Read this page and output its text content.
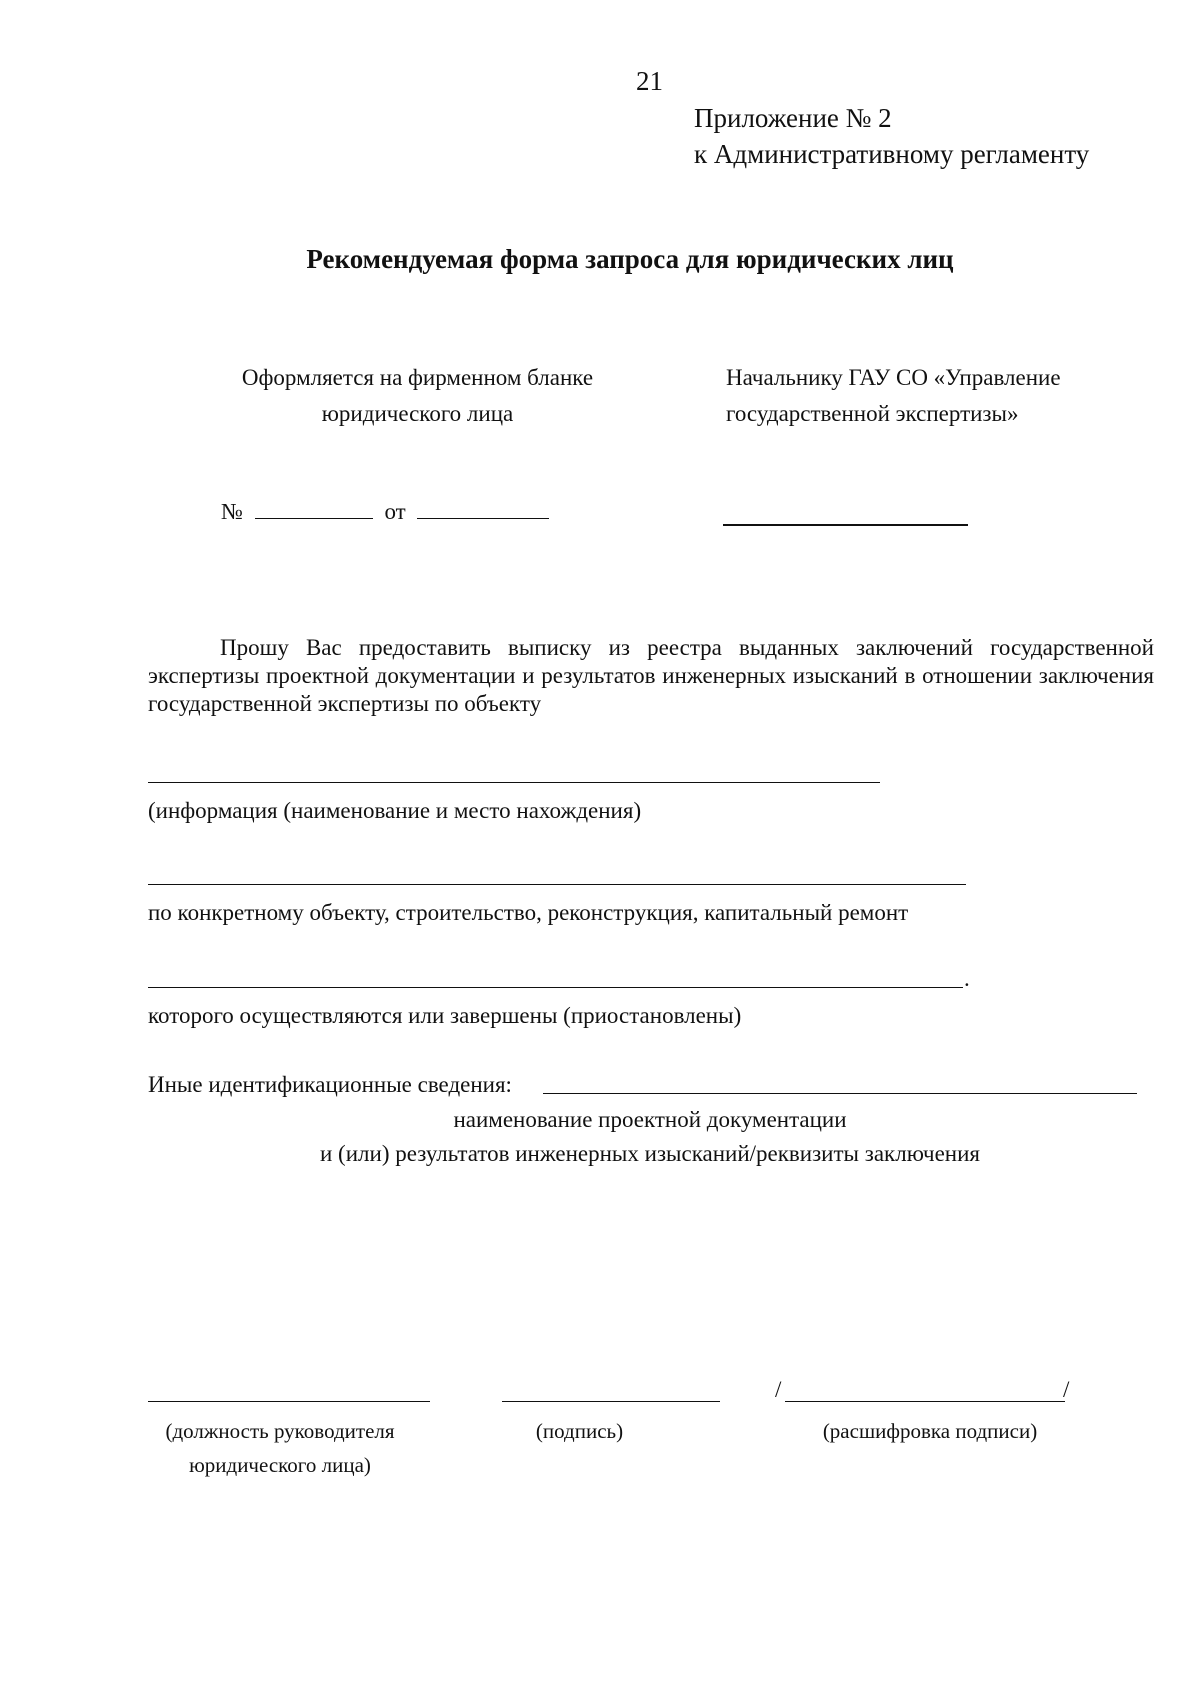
21
Приложение № 2
к Административному регламенту
Рекомендуемая форма запроса для юридических лиц
Оформляется на фирменном бланке
юридического лица
Начальнику ГАУ СО «Управление
государственной экспертизы»
№	от
Прошу Вас предоставить выписку из реестра выданных заключений государственной экспертизы проектной документации и результатов инженерных изысканий в отношении заключения государственной экспертизы по объекту
(информация (наименование и место нахождения)
по конкретному объекту, строительство, реконструкция, капитальный ремонт
.
которого осуществляются или завершены (приостановлены)
Иные идентификационные сведения:
наименование проектной документации
и (или) результатов инженерных изысканий/реквизиты заключения
/	/
(должность руководителя
юридического лица)
(подпись)	(расшифровка подписи)
